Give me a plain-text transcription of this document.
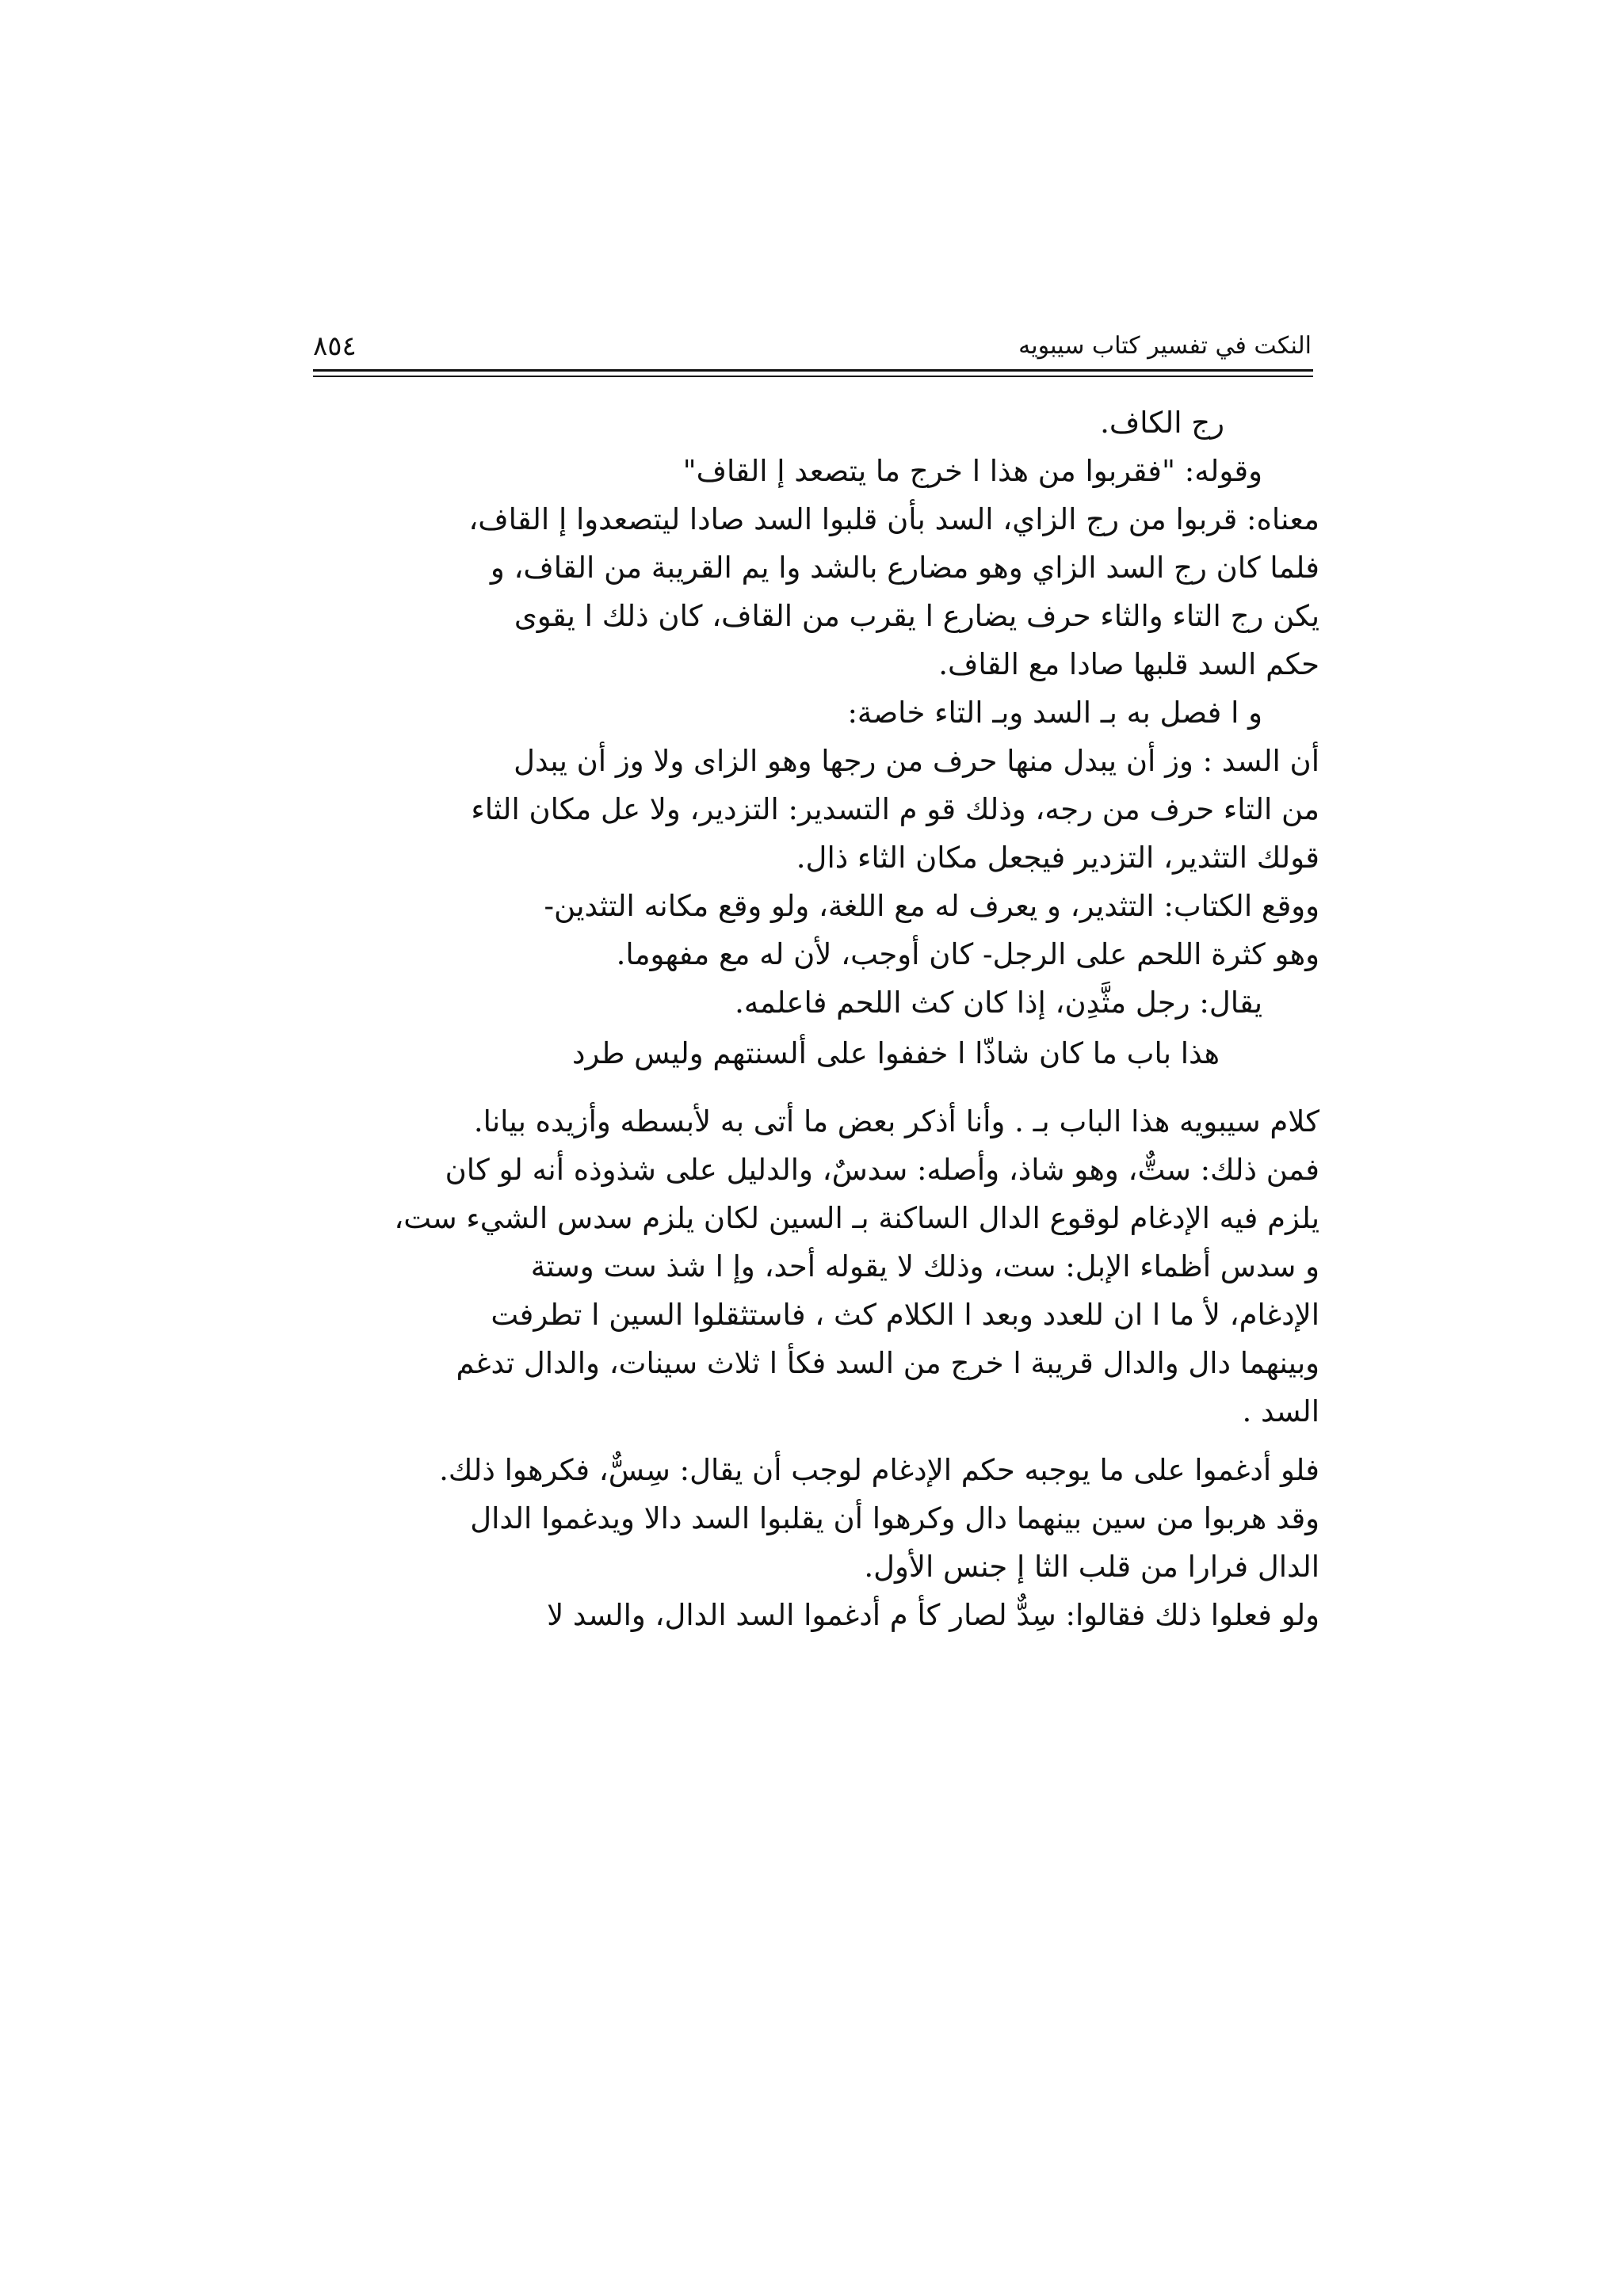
٨٥٤	النكت في تفسير كتاب سيبويه
رج الكاف.
وقوله: "فقربوا من هذا ا خرج ما يتصعد إ القاف"
معناه: قربوا من رج الزاي، السد بأن قلبوا السد صادا ليتصعدوا إ القاف،
فلما كان رج السد الزاي وهو مضارع بالشد وا يم القريبة من القاف، و
يكن رج التاء والثاء حرف يضارع ا يقرب من القاف، كان ذلك ا يقوى
حكم السد قلبها صادا مع القاف.
و ا فصل به بـ السد وبـ التاء خاصة:
أن السد : وز أن يبدل منها حرف من رجها وهو الزاى ولا وز أن يبدل
من التاء حرف من رجه، وذلك قو م التسدير: التزدير، ولا عل مكان الثاء
قولك التثدير، التزدير فيجعل مكان الثاء ذال.
ووقع الكتاب: التثدير، و يعرف له مع اللغة، ولو وقع مكانه التثدين-
وهو كثرة اللحم على الرجل- كان أوجب، لأن له مع مفهوما.
يقال: رجل مثَّدِن، إذا كان كث اللحم فاعلمه.
هذا باب ما كان شاذّا ا خففوا على ألسنتهم وليس طرد
كلام سيبويه هذا الباب بـ . وأنا أذكر بعض ما أتى به لأبسطه وأزيده بيانا.
فمن ذلك: ستٌّ، وهو شاذ، وأصله: سدسٌ، والدليل على شذوذه أنه لو كان
يلزم فيه الإدغام لوقوع الدال الساكنة بـ السين لكان يلزم سدس الشيء ست،
و سدس أظماء الإبل: ست، وذلك لا يقوله أحد، وإ ا شذ ست وستة
الإدغام، لأ ما ا ان للعدد وبعد ا الكلام كث ، فاستثقلوا السين ا تطرفت
وبينهما دال والدال قريبة ا خرج من السد فكأ ا ثلاث سينات، والدال تدغم
السد .
فلو أدغموا على ما يوجبه حكم الإدغام لوجب أن يقال: سِسٌّ، فكرهوا ذلك.
وقد هربوا من سين بينهما دال وكرهوا أن يقلبوا السد دالا ويدغموا الدال
الدال فرارا من قلب الثا إ جنس الأول.
ولو فعلوا ذلك فقالوا: سِدٌّ لصار كأ م أدغموا السد الدال، والسد لا
